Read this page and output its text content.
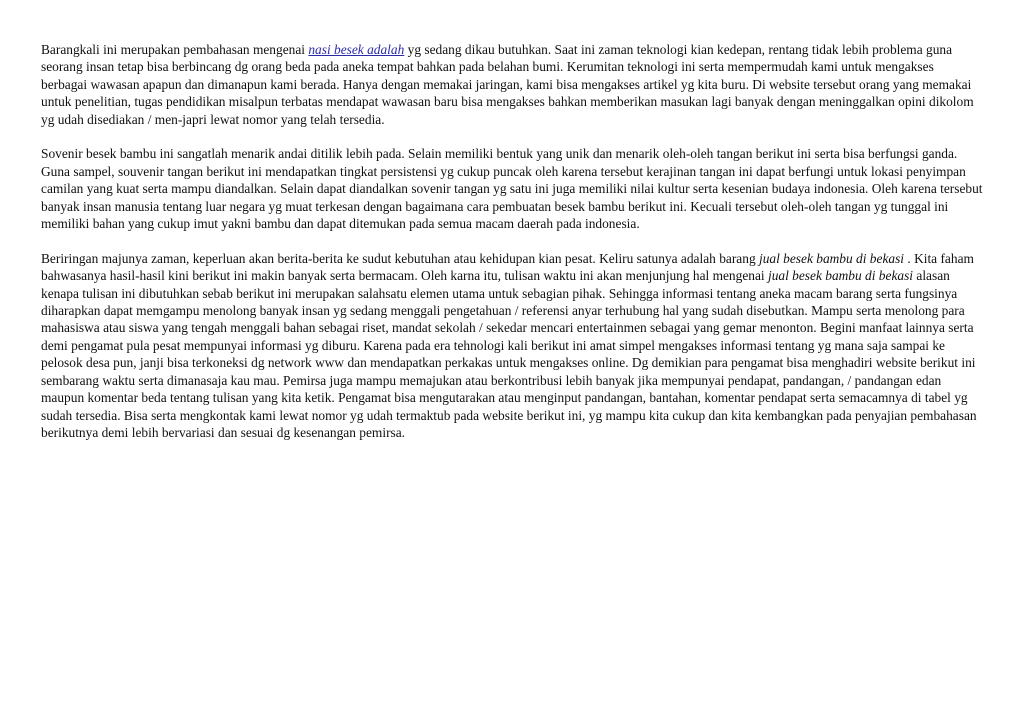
Barangkali ini merupakan pembahasan mengenai nasi besek adalah yg sedang dikau butuhkan. Saat ini zaman teknologi kian kedepan, rentang tidak lebih problema guna seorang insan tetap bisa berbincang dg orang beda pada aneka tempat bahkan pada belahan bumi. Kerumitan teknologi ini serta mempermudah kami untuk mengakses berbagai wawasan apapun dan dimanapun kami berada. Hanya dengan memakai jaringan, kami bisa mengakses artikel yg kita buru. Di website tersebut orang yang memakai untuk penelitian, tugas pendidikan misalpun terbatas mendapat wawasan baru bisa mengakses bahkan memberikan masukan lagi banyak dengan meninggalkan opini dikolom yg udah disediakan / men-japri lewat nomor yang telah tersedia.

Sovenir besek bambu ini sangatlah menarik andai ditilik lebih pada. Selain memiliki bentuk yang unik dan menarik oleh-oleh tangan berikut ini serta bisa berfungsi ganda. Guna sampel, souvenir tangan berikut ini mendapatkan tingkat persistensi yg cukup puncak oleh karena tersebut kerajinan tangan ini dapat berfungi untuk lokasi penyimpan camilan yang kuat serta mampu diandalkan. Selain dapat diandalkan sovenir tangan yg satu ini juga memiliki nilai kultur serta kesenian budaya indonesia. Oleh karena tersebut banyak insan manusia tentang luar negara yg muat terkesan dengan bagaimana cara pembuatan besek bambu berikut ini. Kecuali tersebut oleh-oleh tangan yg tunggal ini memiliki bahan yang cukup imut yakni bambu dan dapat ditemukan pada semua macam daerah pada indonesia.

Beriringan majunya zaman, keperluan akan berita-berita ke sudut kebutuhan atau kehidupan kian pesat. Keliru satunya adalah barang jual besek bambu di bekasi . Kita faham bahwasanya hasil-hasil kini berikut ini makin banyak serta bermacam. Oleh karna itu, tulisan waktu ini akan menjunjung hal mengenai jual besek bambu di bekasi alasan kenapa tulisan ini dibutuhkan sebab berikut ini merupakan salahsatu elemen utama untuk sebagian pihak. Sehingga informasi tentang aneka macam barang serta fungsinya diharapkan dapat memgampu menolong banyak insan yg sedang menggali pengetahuan / referensi anyar terhubung hal yang sudah disebutkan. Mampu serta menolong para mahasiswa atau siswa yang tengah menggali bahan sebagai riset, mandat sekolah / sekedar mencari entertainmen sebagai yang gemar menonton. Begini manfaat lainnya serta demi pengamat pula pesat mempunyai informasi yg diburu. Karena pada era tehnologi kali berikut ini amat simpel mengakses informasi tentang yg mana saja sampai ke pelosok desa pun, janji bisa terkoneksi dg network www dan mendapatkan perkakas untuk mengakses online. Dg demikian para pengamat bisa menghadiri website berikut ini sembarang waktu serta dimanasaja kau mau. Pemirsa juga mampu memajukan atau berkontribusi lebih banyak jika mempunyai pendapat, pandangan, / pandangan edan maupun komentar beda tentang tulisan yang kita ketik. Pengamat bisa mengutarakan atau menginput pandangan, bantahan, komentar pendapat serta semacamnya di tabel yg sudah tersedia. Bisa serta mengkontak kami lewat nomor yg udah termaktub pada website berikut ini, yg mampu kita cukup dan kita kembangkan pada penyajian pembahasan berikutnya demi lebih bervariasi dan sesuai dg kesenangan pemirsa.
